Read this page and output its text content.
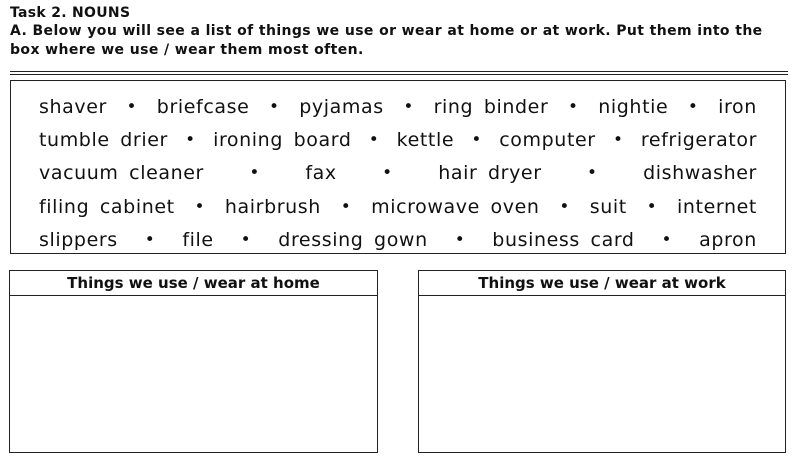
Task 2. NOUNS
A. Below you will see a list of things we use or wear at home or at work. Put them into the box where we use / wear them most often.
shaver • briefcase • pyjamas • ring binder • nightie • iron
tumble drier • ironing board • kettle • computer • refrigerator
vacuum cleaner	• fax	• hair dryer	• dishwasher
filing cabinet • hairbrush • microwave oven • suit • internet
slippers • file • dressing gown • business card • apron
Things we use / wear at home	Things we use / wear at work
